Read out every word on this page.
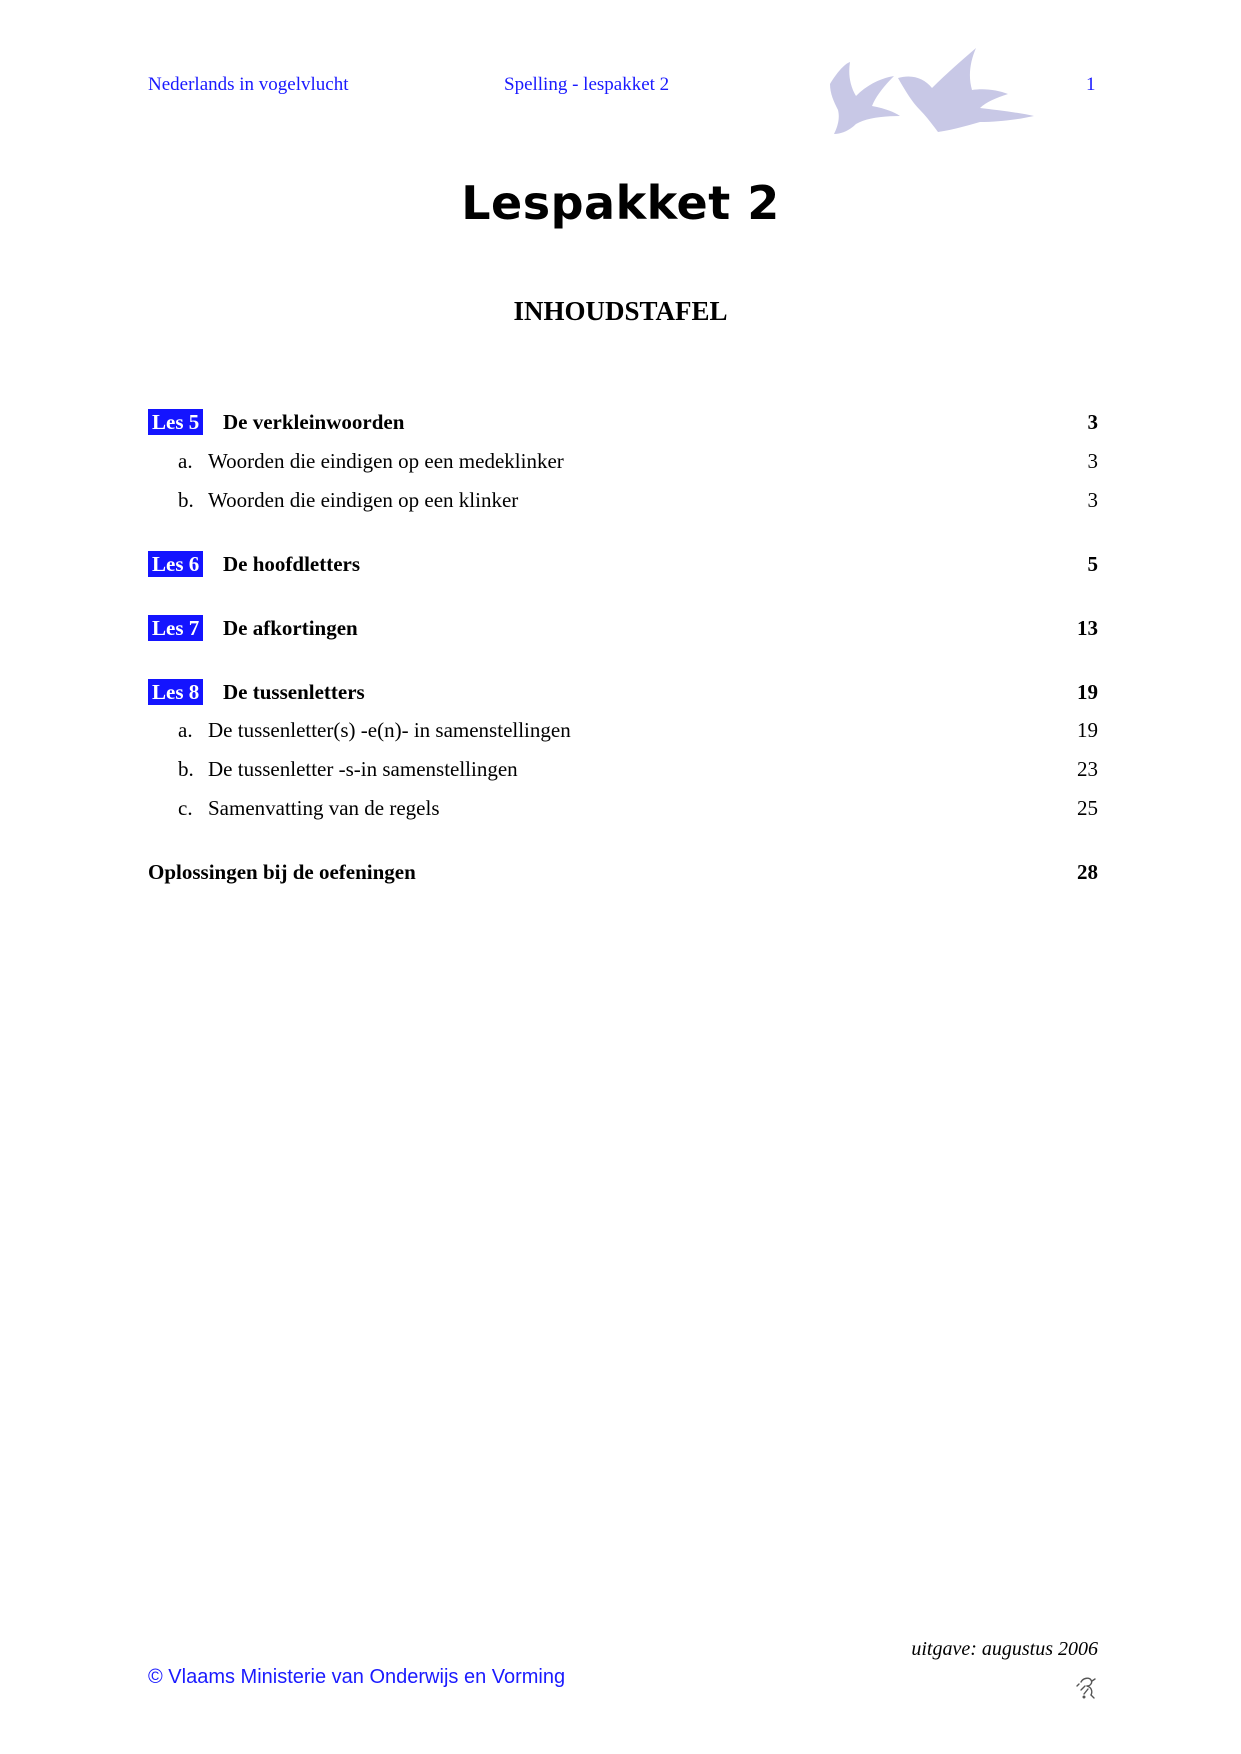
Nederlands in vogelvlucht	Spelling - lespakket 2	1
Lespakket 2
INHOUDSTAFEL
Les 5 De verkleinwoorden	3
a. Woorden die eindigen op een medeklinker	3
b. Woorden die eindigen op een klinker	3
Les 6 De hoofdletters	5
Les 7 De afkortingen	13
Les 8 De tussenletters	19
a. De tussenletter(s) -e(n)- in samenstellingen	19
b. De tussenletter -s-in samenstellingen	23
c. Samenvatting van de regels	25
Oplossingen bij de oefeningen	28
uitgave: augustus 2006
© Vlaams Ministerie van Onderwijs en Vorming
